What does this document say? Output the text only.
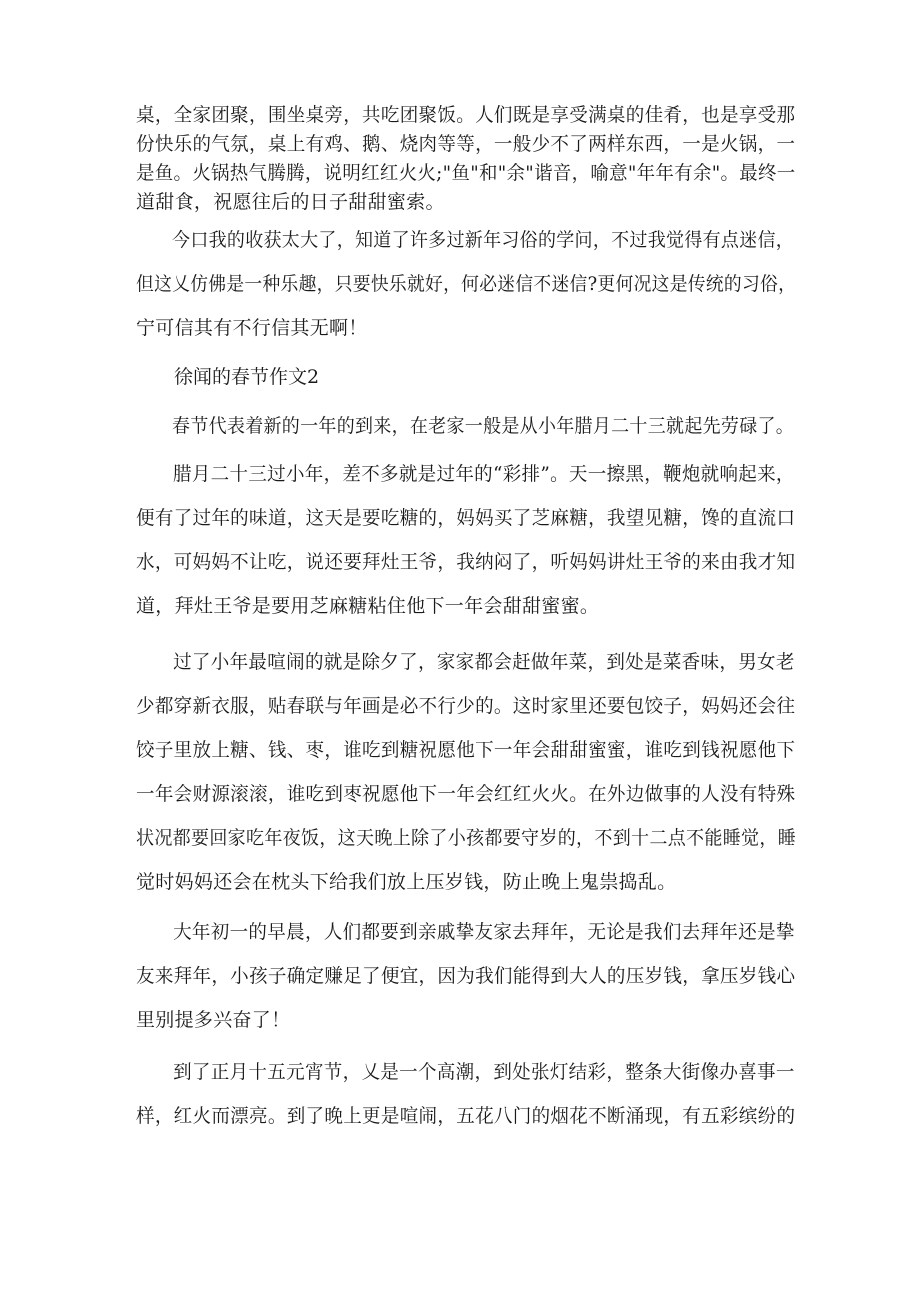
桌，全家团聚，围坐桌旁，共吃团聚饭。人们既是享受满桌的佳肴，也是享受那
份快乐的气氛，桌上有鸡、鹅、烧肉等等，一般少不了两样东西，一是火锅，一
是鱼。火锅热气腾腾，说明红红火火;"鱼"和"余"谐音，喻意"年年有余"。最终一
道甜食，祝愿往后的日子甜甜蜜索。
今口我的收获太大了，知道了许多过新年习俗的学问，不过我觉得有点迷信，
但这乂仿佛是一种乐趣，只要快乐就好，何必迷信不迷信?更何况这是传统的习俗，
宁可信其有不行信其无啊！

徐闻的春节作文2

春节代表着新的一年的到来，在老家一般是从小年腊月二十三就起先劳碌了。
腊月二十三过小年，差不多就是过年的“彩排”。天一擦黑，鞭炮就响起来，
便有了过年的味道，这天是要吃糖的，妈妈买了芝麻糖，我望见糖，馋的直流口
水，可妈妈不让吃，说还要拜灶王爷，我纳闷了，听妈妈讲灶王爷的来由我才知
道，拜灶王爷是要用芝麻糖粘住他下一年会甜甜蜜蜜。
过了小年最喧闹的就是除夕了，家家都会赶做年菜，到处是菜香味，男女老
少都穿新衣服，贴春联与年画是必不行少的。这时家里还要包饺子，妈妈还会往
饺子里放上糖、钱、枣，谁吃到糖祝愿他下一年会甜甜蜜蜜，谁吃到钱祝愿他下
一年会财源滚滚，谁吃到枣祝愿他下一年会红红火火。在外边做事的人没有特殊
状况都要回家吃年夜饭，这天晚上除了小孩都要守岁的，不到十二点不能睡觉，睡
觉时妈妈还会在枕头下给我们放上压岁钱，防止晚上鬼祟捣乱。
大年初一的早晨，人们都要到亲戚挚友家去拜年，无论是我们去拜年还是挚
友来拜年，小孩子确定赚足了便宜，因为我们能得到大人的压岁钱，拿压岁钱心
里别提多兴奋了！
到了正月十五元宵节，乂是一个高潮，到处张灯结彩，整条大街像办喜事一
样，红火而漂亮。到了晚上更是喧闹，五花八门的烟花不断涌现，有五彩缤纷的
